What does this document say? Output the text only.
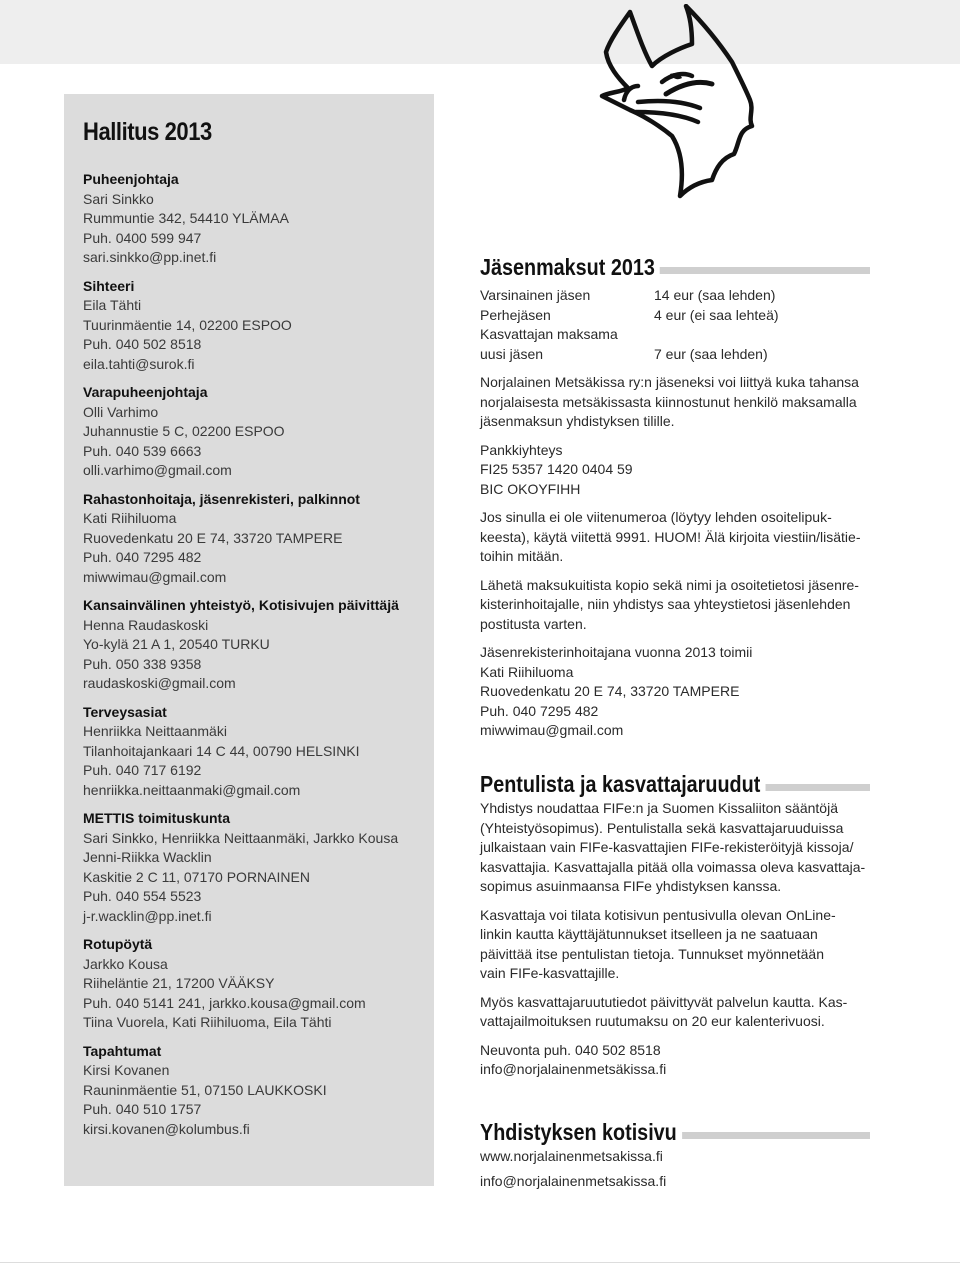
Hallitus 2013
Puheenjohtaja
Sari Sinkko
Rummuntie 342, 54410 YLÄMAA
Puh. 0400 599 947
sari.sinkko@pp.inet.fi
Sihteeri
Eila Tähti
Tuurinmäentie 14, 02200 ESPOO
Puh. 040 502 8518
eila.tahti@surok.fi
Varapuheenjohtaja
Olli Varhimo
Juhannustie 5 C, 02200 ESPOO
Puh. 040 539 6663
olli.varhimo@gmail.com
Rahastonhoitaja, jäsenrekisteri, palkinnot
Kati Riihiluoma
Ruovedenkatu 20 E 74, 33720 TAMPERE
Puh. 040 7295 482
miwwimau@gmail.com
Kansainvälinen yhteistyö, Kotisivujen päivittäjä
Henna Raudaskoski
Yo-kylä 21 A 1, 20540 TURKU
Puh. 050 338 9358
raudaskoski@gmail.com
Terveysasiat
Henriikka Neittaanmäki
Tilanhoitajankaari 14 C 44, 00790 HELSINKI
Puh. 040 717 6192
henriikka.neittaanmaki@gmail.com
METTIS toimituskunta
Sari Sinkko, Henriikka Neittaanmäki, Jarkko Kousa
Jenni-Riikka Wacklin
Kaskitie 2 C 11, 07170 PORNAINEN
Puh. 040 554 5523
j-r.wacklin@pp.inet.fi
Rotupöytä
Jarkko Kousa
Riiheläntie 21, 17200 VÄÄKSY
Puh. 040 5141 241, jarkko.kousa@gmail.com
Tiina Vuorela, Kati Riihiluoma, Eila Tähti
Tapahtumat
Kirsi Kovanen
Rauninmäentie 51, 07150 LAUKKOSKI
Puh. 040 510 1757
kirsi.kovanen@kolumbus.fi
Jäsenmaksut 2013
Varsinainen jäsen	14 eur (saa lehden)
Perhejäsen	4 eur (ei saa lehteä)
Kasvattajan maksama
uusi jäsen	7 eur (saa lehden)
Norjalainen Metsäkissa ry:n jäseneksi voi liittyä kuka tahansa
norjalaisesta metsäkissasta kiinnostunut henkilö maksamalla
jäsenmaksun yhdistyksen tilille.
Pankkiyhteys
FI25 5357 1420 0404 59
BIC OKOYFIHH
Jos sinulla ei ole viitenumeroa (löytyy lehden osoitelipuk-
keesta), käytä viitettä 9991. HUOM! Älä kirjoita viestiin/lisätie-
toihin mitään.
Lähetä maksukuitista kopio sekä nimi ja osoitetietosi jäsenre-
kisterinhoitajalle, niin yhdistys saa yhteystietosi jäsenlehden
postitusta varten.
Jäsenrekisterinhoitajana vuonna 2013 toimii
Kati Riihiluoma
Ruovedenkatu 20 E 74, 33720 TAMPERE
Puh. 040 7295 482
miwwimau@gmail.com
Pentulista ja kasvattajaruudut
Yhdistys noudattaa FIFe:n ja Suomen Kissaliiton sääntöjä
(Yhteistyösopimus). Pentulistalla sekä kasvattajaruuduissa
julkaistaan vain FIFe-kasvattajien FIFe-rekisteröityjä kissoja/
kasvattajia. Kasvattajalla pitää olla voimassa oleva kasvattaja-
sopimus asuinmaansa FIFe yhdistyksen kanssa.
Kasvattaja voi tilata kotisivun pentusivulla olevan OnLine-
linkin kautta käyttäjätunnukset itselleen ja ne saatuaan
päivittää itse pentulistan tietoja. Tunnukset myönnetään
vain FIFe-kasvattajille.
Myös kasvattajaruututiedot päivittyvät palvelun kautta. Kas-
vattajailmoituksen ruutumaksu on 20 eur kalenterivuosi.
Neuvonta puh. 040 502 8518
info@norjalainenmetsäkissa.fi
Yhdistyksen kotisivu
www.norjalainenmetsakissa.fi
info@norjalainenmetsakissa.fi
